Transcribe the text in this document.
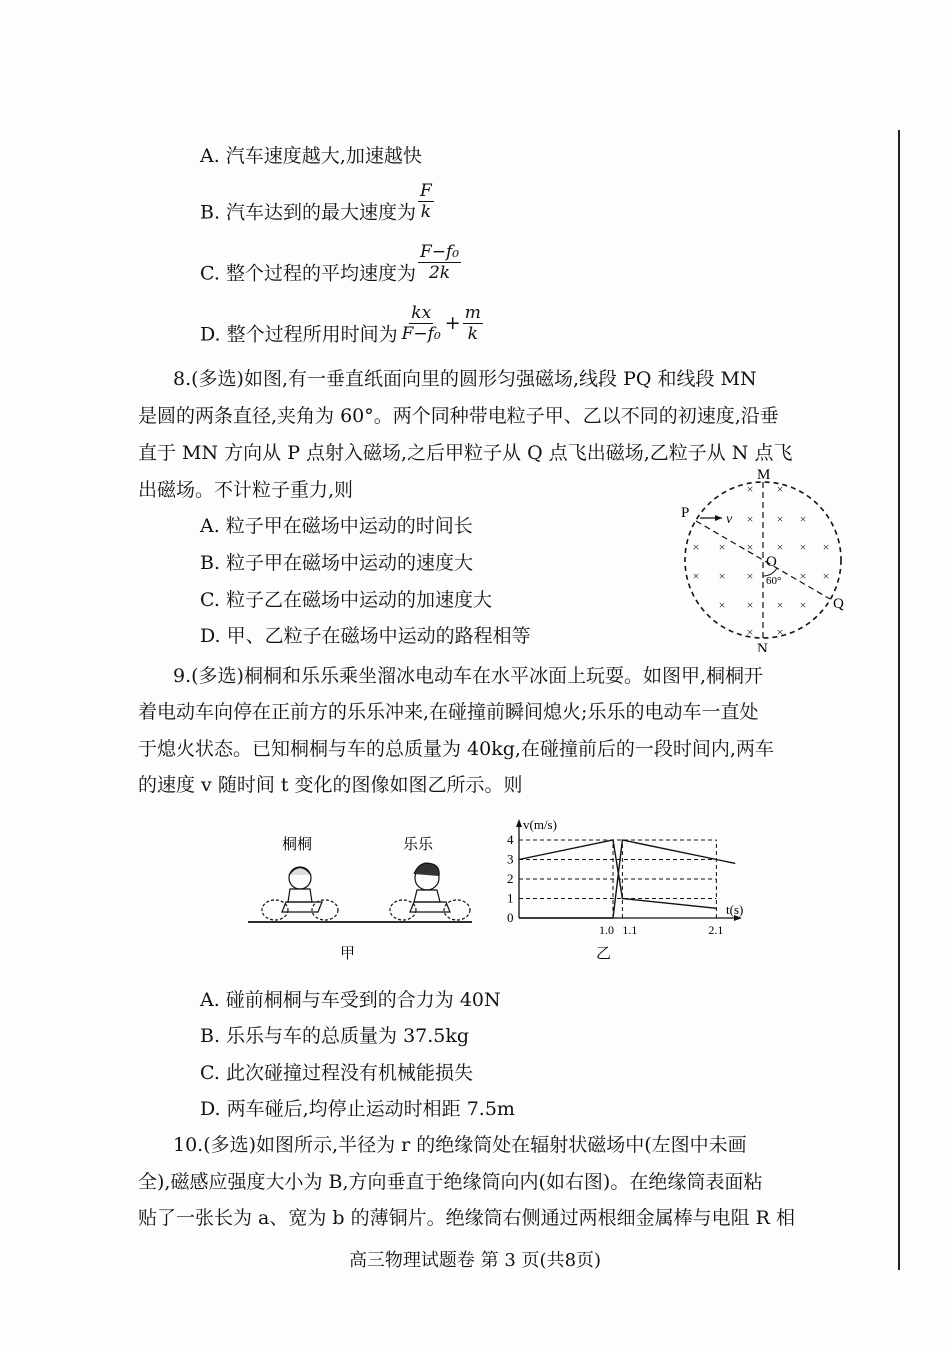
A. 汽车速度越大,加速越快
B. 汽车达到的最大速度为 $\frac{F}{k}$
C. 整个过程的平均速度为 $\frac{\text{F−f₀}}{2k}$
D. 整个过程所用时间为 $\frac{kx}{\text{F−f₀}} + \frac{m}{k}$
8.(多选)如图,有一垂直纸面向里的圆形匀强磁场,线段 PQ 和线段 MN
是圆的两条直径,夹角为 60°。两个同种带电粒子甲、乙以不同的初速度,沿垂
直于 MN 方向从 P 点射入磁场,之后甲粒子从 Q 点飞出磁场,乙粒子从 N 点飞
出磁场。不计粒子重力,则
A. 粒子甲在磁场中运动的时间长
B. 粒子甲在磁场中运动的速度大
C. 粒子乙在磁场中运动的加速度大
D. 甲、乙粒子在磁场中运动的路程相等
× ×
× × ×
× × × × × ×
× × ×	× ×
× × × ×
× ×
M
N
P
Q
O
v
60°
9.(多选)桐桐和乐乐乘坐溜冰电动车在水平冰面上玩耍。如图甲,桐桐开
着电动车向停在正前方的乐乐冲来,在碰撞前瞬间熄火;乐乐的电动车一直处
于熄火状态。已知桐桐与车的总质量为 40kg,在碰撞前后的一段时间内,两车
的速度 v 随时间 t 变化的图像如图乙所示。则
桐桐	乐乐
甲
v(m/s)
t(s)
0
1
2
3
4
1.0 1.1	2.1
乙
A. 碰前桐桐与车受到的合力为 40N
B. 乐乐与车的总质量为 37.5kg
C. 此次碰撞过程没有机械能损失
D. 两车碰后,均停止运动时相距 7.5m
10.(多选)如图所示,半径为 r 的绝缘筒处在辐射状磁场中(左图中未画
全),磁感应强度大小为 B,方向垂直于绝缘筒向内(如右图)。在绝缘筒表面粘
贴了一张长为 a、宽为 b 的薄铜片。绝缘筒右侧通过两根细金属棒与电阻 R 相
高三物理试题卷 第 3 页(共8页)
